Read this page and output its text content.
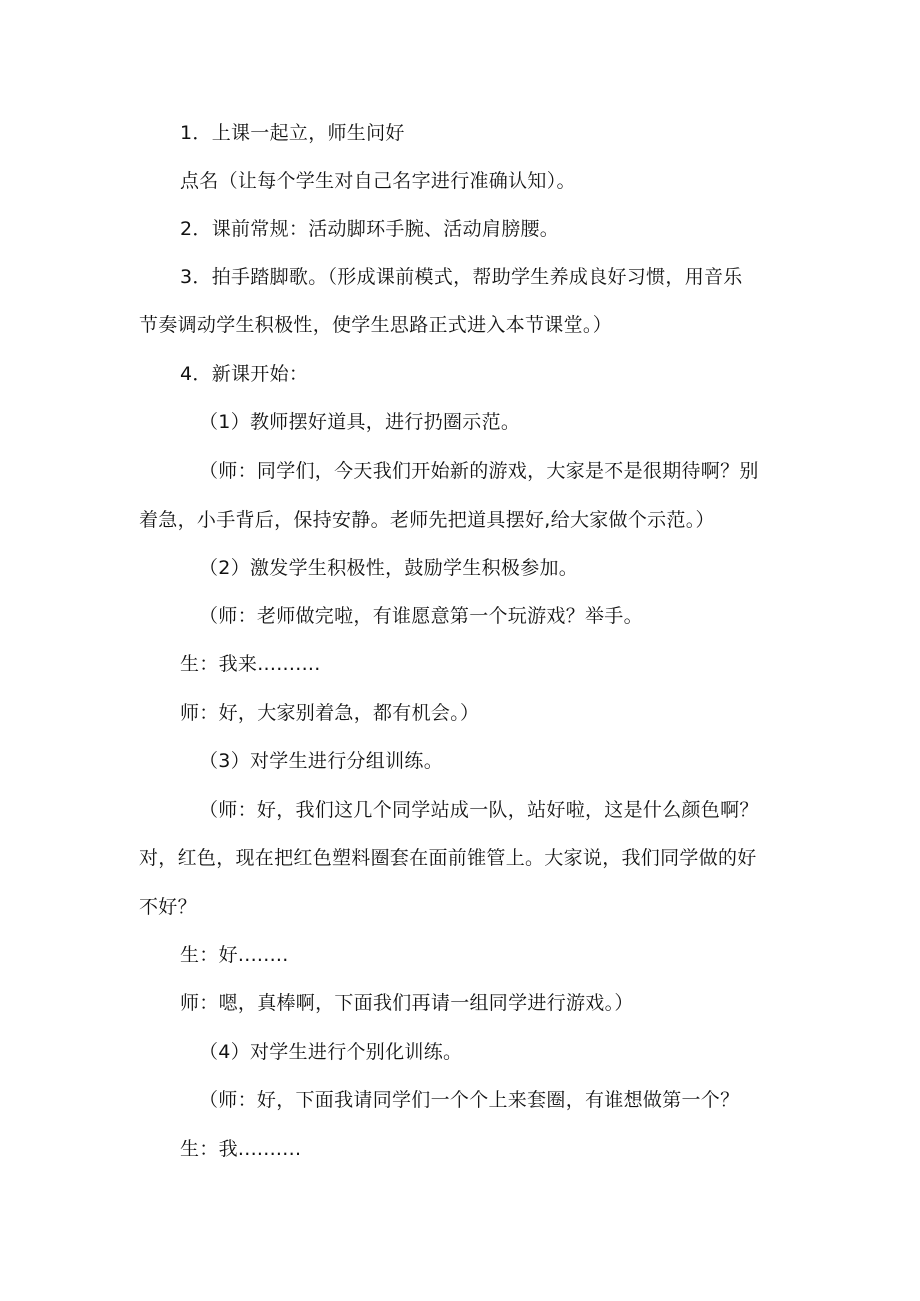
1．上课一起立，师生问好
点名（让每个学生对自己名字进行准确认知）。
2．课前常规：活动脚环手腕、活动肩膀腰。
3．拍手踏脚歌。（形成课前模式，帮助学生养成良好习惯，用音乐
节奏调动学生积极性，使学生思路正式进入本节课堂。）
4．新课开始：
（1）教师摆好道具，进行扔圈示范。
（师：同学们，今天我们开始新的游戏，大家是不是很期待啊？别
着急，小手背后，保持安静。老师先把道具摆好,给大家做个示范。）
（2）激发学生积极性，鼓励学生积极参加。
（师：老师做完啦，有谁愿意第一个玩游戏？举手。
生：我来..........
师：好，大家别着急，都有机会。）
（3）对学生进行分组训练。
（师：好，我们这几个同学站成一队，站好啦，这是什么颜色啊？
对，红色，现在把红色塑料圈套在面前锥管上。大家说，我们同学做的好
不好？
生：好........
师：嗯，真棒啊，下面我们再请一组同学进行游戏。）
（4）对学生进行个别化训练。
（师：好，下面我请同学们一个个上来套圈，有谁想做第一个？
生：我..........
